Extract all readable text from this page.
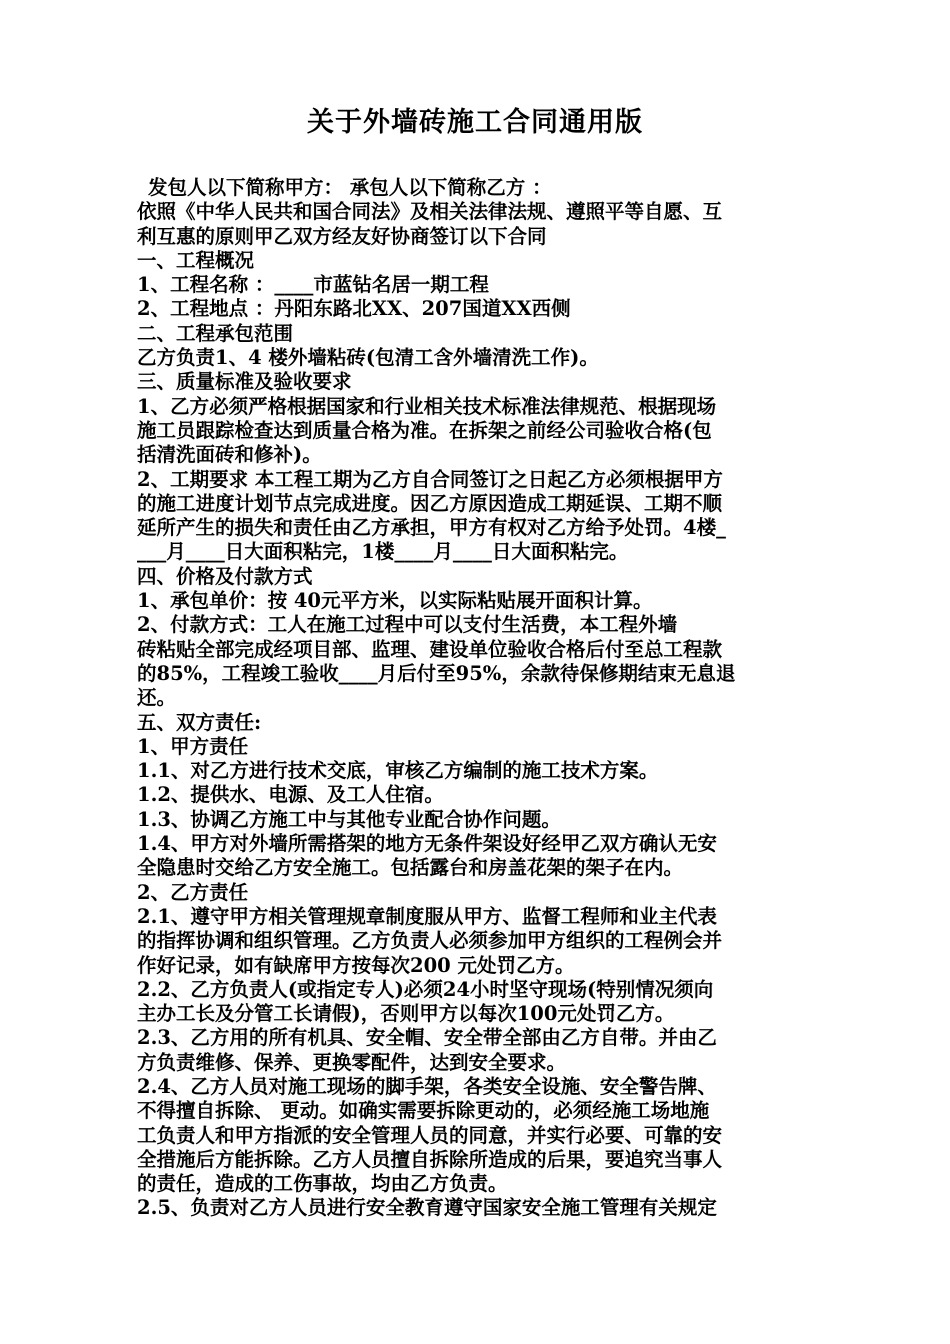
关于外墙砖施工合同通用版
发包人以下简称甲方： 承包人以下简称乙方 ：
依照《中华人民共和国合同法》及相关法律法规、遵照平等自愿、互
利互惠的原则甲乙双方经友好协商签订以下合同
一、工程概况
1、工程名称 ：____市蓝钻名居一期工程
2、工程地点 ：丹阳东路北XX、207国道XX西侧
二、工程承包范围
乙方负责1、4 楼外墙粘砖(包清工含外墙清洗工作)。
三、质量标准及验收要求
1、乙方必须严格根据国家和行业相关技术标准法律规范、根据现场
施工员跟踪检查达到质量合格为准。在拆架之前经公司验收合格(包
括清洗面砖和修补)。
2、工期要求 本工程工期为乙方自合同签订之日起乙方必须根据甲方
的施工进度计划节点完成进度。因乙方原因造成工期延误、工期不顺
延所产生的损失和责任由乙方承担，甲方有权对乙方给予处罚。4楼_
___月____日大面积粘完，1楼____月____日大面积粘完。
四、价格及付款方式
1、承包单价：按 40元平方米，以实际粘贴展开面积计算。
2、付款方式：工人在施工过程中可以支付生活费，本工程外墙
砖粘贴全部完成经项目部、监理、建设单位验收合格后付至总工程款
的85%，工程竣工验收____月后付至95%，余款待保修期结束无息退
还。
五、双方责任:
1、甲方责任
1.1、对乙方进行技术交底，审核乙方编制的施工技术方案。
1.2、提供水、电源、及工人住宿。
1.3、协调乙方施工中与其他专业配合协作问题。
1.4、甲方对外墙所需搭架的地方无条件架设好经甲乙双方确认无安
全隐患时交给乙方安全施工。包括露台和房盖花架的架子在内。
2、乙方责任
2.1、遵守甲方相关管理规章制度服从甲方、监督工程师和业主代表
的指挥协调和组织管理。乙方负责人必须参加甲方组织的工程例会并
作好记录，如有缺席甲方按每次200 元处罚乙方。
2.2、乙方负责人(或指定专人)必须24小时坚守现场(特别情况须向
主办工长及分管工长请假)，否则甲方以每次100元处罚乙方。
2.3、乙方用的所有机具、安全帽、安全带全部由乙方自带。并由乙
方负责维修、保养、更换零配件，达到安全要求。
2.4、乙方人员对施工现场的脚手架，各类安全设施、安全警告牌、
不得擅自拆除、 更动。如确实需要拆除更动的，必须经施工场地施
工负责人和甲方指派的安全管理人员的同意，并实行必要、可靠的安
全措施后方能拆除。乙方人员擅自拆除所造成的后果，要追究当事人
的责任，造成的工伤事故，均由乙方负责。
2.5、负责对乙方人员进行安全教育遵守国家安全施工管理有关规定
